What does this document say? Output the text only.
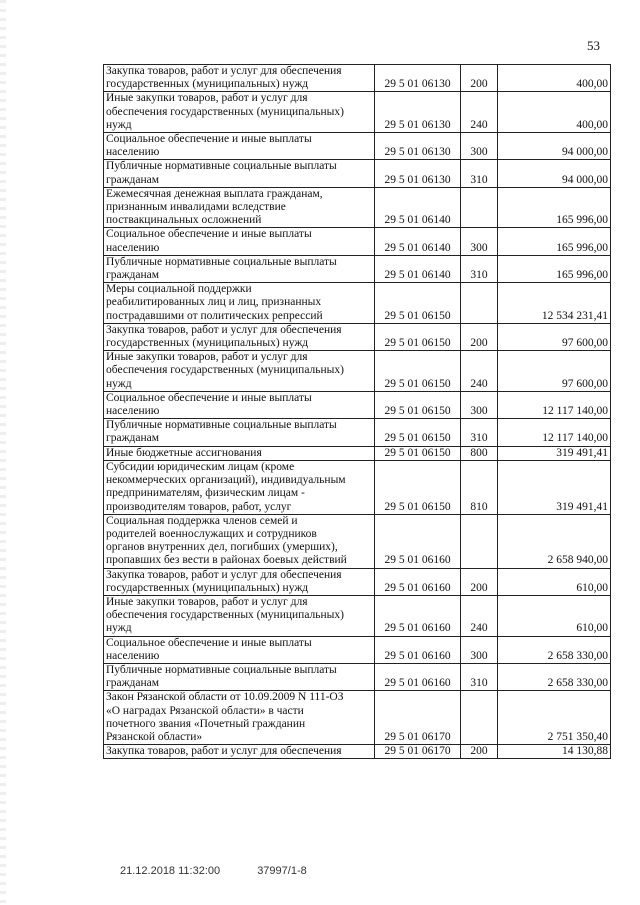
53
Закупка товаров, работ и услуг для обеспечения
государственных (муниципальных) нужд	29 5 01 06130	200	400,00
Иные закупки товаров, работ и услуг для
обеспечения государственных (муниципальных)
нужд	29 5 01 06130	240	400,00
Социальное обеспечение и иные выплаты
населению	29 5 01 06130	300	94 000,00
Публичные нормативные социальные выплаты
гражданам	29 5 01 06130	310	94 000,00
Ежемесячная денежная выплата гражданам,
признанным инвалидами вследствие
поствакцинальных осложнений	29 5 01 06140		165 996,00
Социальное обеспечение и иные выплаты
населению	29 5 01 06140	300	165 996,00
Публичные нормативные социальные выплаты
гражданам	29 5 01 06140	310	165 996,00
Меры социальной поддержки
реабилитированных лиц и лиц, признанных
пострадавшими от политических репрессий	29 5 01 06150		12 534 231,41
Закупка товаров, работ и услуг для обеспечения
государственных (муниципальных) нужд	29 5 01 06150	200	97 600,00
Иные закупки товаров, работ и услуг для
обеспечения государственных (муниципальных)
нужд	29 5 01 06150	240	97 600,00
Социальное обеспечение и иные выплаты
населению	29 5 01 06150	300	12 117 140,00
Публичные нормативные социальные выплаты
гражданам	29 5 01 06150	310	12 117 140,00
Иные бюджетные ассигнования	29 5 01 06150	800	319 491,41
Субсидии юридическим лицам (кроме
некоммерческих организаций), индивидуальным
предпринимателям, физическим лицам -
производителям товаров, работ, услуг	29 5 01 06150	810	319 491,41
Социальная поддержка членов семей и
родителей военнослужащих и сотрудников
органов внутренних дел, погибших (умерших),
пропавших без вести в районах боевых действий	29 5 01 06160		2 658 940,00
Закупка товаров, работ и услуг для обеспечения
государственных (муниципальных) нужд	29 5 01 06160	200	610,00
Иные закупки товаров, работ и услуг для
обеспечения государственных (муниципальных)
нужд	29 5 01 06160	240	610,00
Социальное обеспечение и иные выплаты
населению	29 5 01 06160	300	2 658 330,00
Публичные нормативные социальные выплаты
гражданам	29 5 01 06160	310	2 658 330,00
Закон Рязанской области от 10.09.2009 N 111-ОЗ
«О наградах Рязанской области» в части
почетного звания «Почетный гражданин
Рязанской области»	29 5 01 06170		2 751 350,40
Закупка товаров, работ и услуг для обеспечения	29 5 01 06170	200	14 130,88
21.12.2018 11:32:00	37997/1-8
